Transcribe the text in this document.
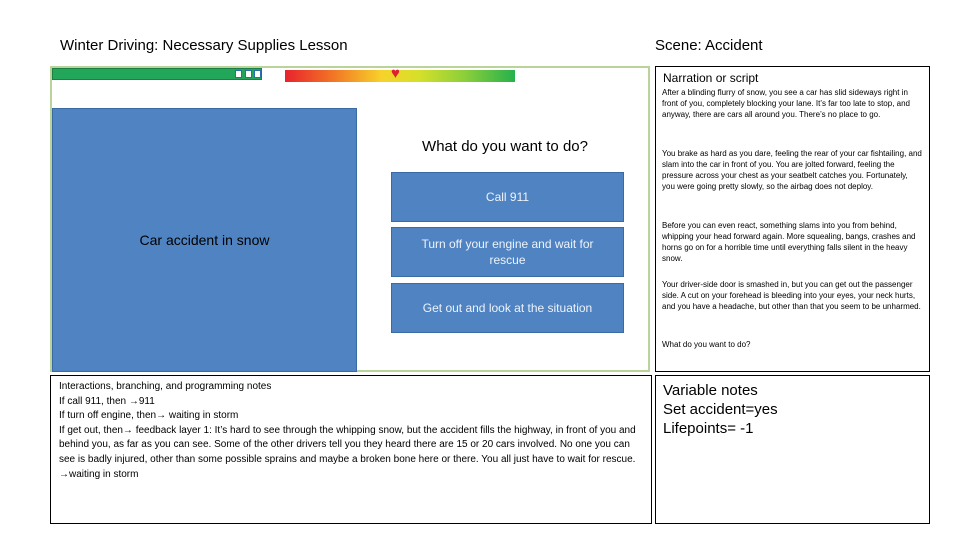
Winter Driving: Necessary Supplies Lesson	Scene: Accident
♥
Car accident in snow
What do you want to do?
Call 911
Turn off your engine and wait for rescue
Get out and look at the situation
Narration or script
After a blinding flurry of snow, you see a car has slid sideways right in front of you, completely blocking your lane. It’s far too late to stop, and anyway, there are cars all around you. There’s no place to go.
You brake as hard as you dare, feeling the rear of your car fishtailing, and slam into the car in front of you. You are jolted forward, feeling the pressure across your chest as your seatbelt catches you. Fortunately, you were going pretty slowly, so the airbag does not deploy.
Before you can even react, something slams into you from behind, whipping your head forward again. More squealing, bangs, crashes and horns go on for a horrible time until everything falls silent in the heavy snow.
Your driver-side door is smashed in, but you can get out the passenger side. A cut on your forehead is bleeding into your eyes, your neck hurts, and you have a headache, but other than that you seem to be unharmed.
What do you want to do?
Interactions, branching, and programming notes
If call 911, then →911
If turn off engine, then→ waiting in storm
If get out, then→ feedback layer 1: It’s hard to see through the whipping snow, but the accident fills the highway, in front of you and behind you, as far as you can see. Some of the other drivers tell you they heard there are 15 or 20 cars involved. No one you can see is badly injured, other than some possible sprains and maybe a broken bone here or there. You all just have to wait for rescue. →waiting in storm
Variable notes
Set accident=yes
Lifepoints= -1
